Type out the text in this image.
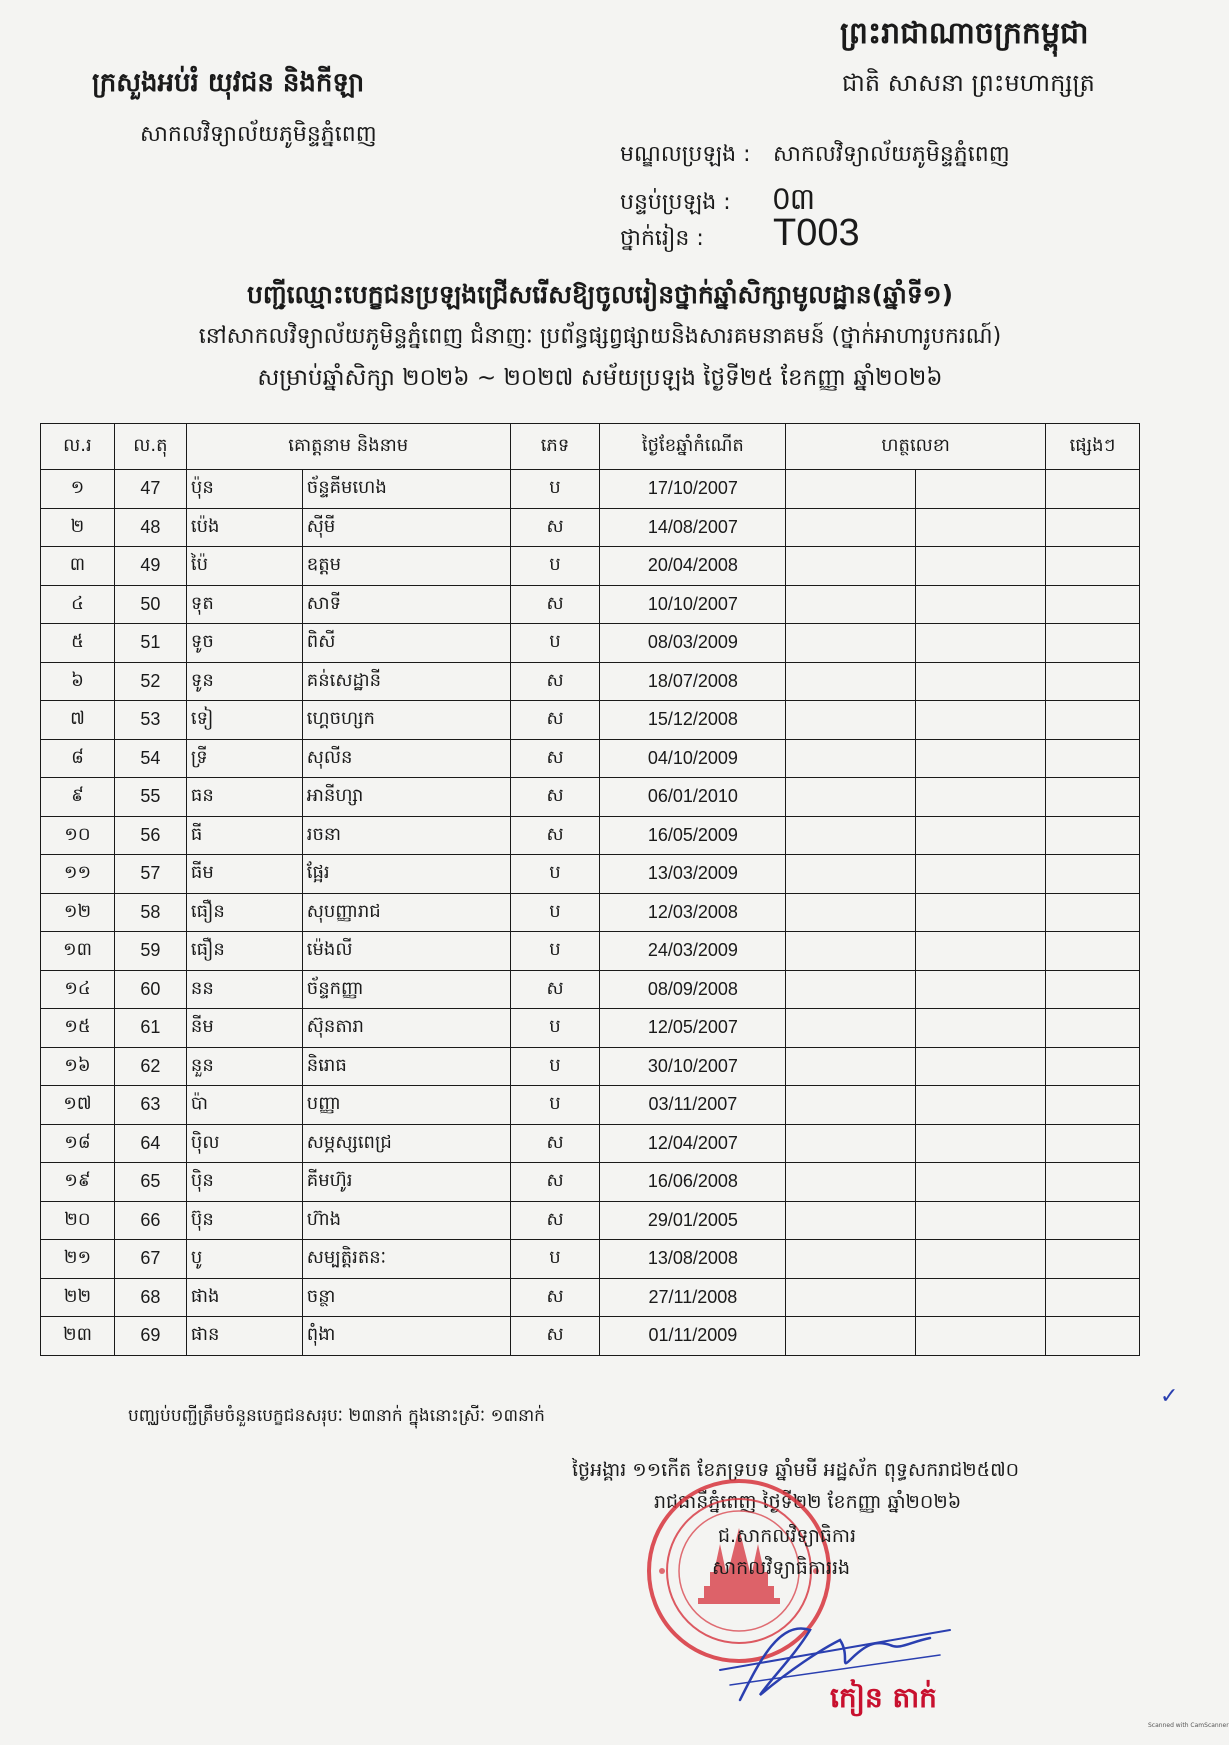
ក្រសួងអប់រំ យុវជន និងកីឡា
សាកលវិទ្យាល័យភូមិន្ទភ្នំពេញ
ព្រះរាជាណាចក្រកម្ពុជា
ជាតិ សាសនា ព្រះមហាក្សត្រ
មណ្ឌលប្រឡង : សាកលវិទ្យាល័យភូមិន្ទភ្នំពេញ
បន្ទប់ប្រឡង : 0៣
ថ្នាក់រៀន : T003
បញ្ជីឈ្មោះបេក្ខជនប្រឡងជ្រើសរើសឱ្យចូលរៀនថ្នាក់ឆ្នាំសិក្សាមូលដ្ឋាន(ឆ្នាំទី១)
នៅសាកលវិទ្យាល័យភូមិន្ទភ្នំពេញ ជំនាញៈ ប្រព័ន្ធផ្សព្វផ្សាយនិងសារគមនាគមន៍ (ថ្នាក់អាហារូបករណ៍)
សម្រាប់ឆ្នាំសិក្សា ២០២៦ ~ ២០២៧ សម័យប្រឡង ថ្ងៃទី២៥ ខែកញ្ញា ឆ្នាំ២០២៦
ល.រ	ល.តុ	គោត្តនាម និងនាម		ភេទ	ថ្ងៃខែឆ្នាំកំណើត	ហត្ថលេខា		ផ្សេងៗ
១	47	ប៉ុន	ច័ន្ទគីមហេង	ប	17/10/2007			
២	48	ប៉េង	សុីមី	ស	14/08/2007			
៣	49	ប៉ៃ	ឧត្តម	ប	20/04/2008			
៤	50	ទុត	សាទី	ស	10/10/2007			
៥	51	ទូច	ពិសី	ប	08/03/2009			
៦	52	ទូន	គន់សេដ្ឋានី	ស	18/07/2008			
៧	53	ទៀ	ហ្គេចហ្សក	ស	15/12/2008			
៨	54	ទ្រី	សុលីន	ស	04/10/2009			
៩	55	ធន	អានីហ្សា	ស	06/01/2010			
១០	56	ធី	រចនា	ស	16/05/2009			
១១	57	ធីម	ផ្អែរ	ប	13/03/2009			
១២	58	ធឿន	សុបញ្ញារាជ	ប	12/03/2008			
១៣	59	ធឿន	ម៉េងលី	ប	24/03/2009			
១៤	60	នន	ច័ន្ទកញ្ញា	ស	08/09/2008			
១៥	61	នីម	ស៊ុនតារា	ប	12/05/2007			
១៦	62	នួន	និរោធ	ប	30/10/2007			
១៧	63	ប៉ា	បញ្ញា	ប	03/11/2007			
១៨	64	ប៉ិល	សម្ភស្សពេជ្រ	ស	12/04/2007			
១៩	65	ប៉ិន	គីមហ៊ូរ	ស	16/06/2008			
២០	66	ប៊ុន	ហ៊ាង	ស	29/01/2005			
២១	67	បូ	សម្បត្តិរតនៈ	ប	13/08/2008			
២២	68	ផាង	ចន្ថា	ស	27/11/2008			
២៣	69	ផាន	ពុំងា	ស	01/11/2009			
✓
បញ្ឈប់បញ្ជីត្រឹមចំនួនបេក្ខជនសរុបៈ ២៣នាក់ ក្នុងនោះស្រីៈ ១៣នាក់
ថ្ងៃអង្គារ ១១កើត ខែភទ្របទ ឆ្នាំមមី អដ្ឋស័ក ពុទ្ធសករាជ២៥៧០
រាជធានីភ្នំពេញ ថ្ងៃទី២២ ខែកញ្ញា ឆ្នាំ២០២៦
ជ.សាកលវិទ្យាធិការ
សាកលវិទ្យាធិការរង
កៀន តាក់
Scanned with CamScanner
